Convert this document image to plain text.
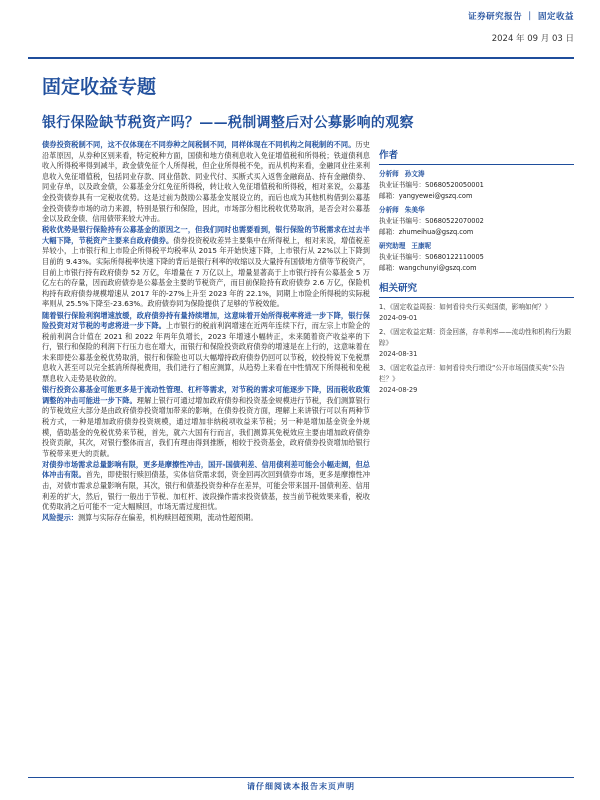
证券研究报告 ｜ 固定收益
2024 年 09 月 03 日
固定收益专题
银行保险缺节税资产吗？——税制调整后对公募影响的观察

债券投资税制不同，这不仅体现在不同券种之间税制不同，同样体现在不同机构之间税制的不同。历史沿革原因，从券种区别来看，特定税种方面，国债和地方债利息收入免征增值税和所得税；铁道债利息收入所得税率得到减半，政金债免征个人所得税，但企业所得税不免，而从机构来看，金融同业往来利息收入免征增值税，包括同业存款、同业借款、同业代付、买断式买入返售金融商品、持有金融债券、同业存单，以及政金债，公募基金分红免征所得税，转让收入免征增值税和所得税，相对来说，公募基金投资债券具有一定税收优势。这是过前为鼓励公募基金发展设立的，而后也成为其他机构借到公募基金投资债券市场的动力来源，特别是银行和保险，因此，市场部分相比税收优势取消，是否会对公募基金以及政金债、信用债带来较大冲击。

税收优势是银行保险持有公募基金的原因之一，但我们同时也需要看到，银行保险的节税需求在过去半大幅下降，节税资产主要来自政府债券。债券投资税收差异主要集中在所得税上，相对来说，增值税差异较小，上市银行和上市险企所得税平均税率从 2015 年开始快速下降，上市银行从 22%以上下降到目前的 9.43%。实际所得税率快速下降的背后是银行利率的收缩以及大量持有国债地方债等节税资产，目前上市银行持有政府债券 52 万亿，年增量在 7 万亿以上，增量显著高于上市银行持有公募基金 5 万亿左右的存量，因而政府债券是公募基金主要的节税资产，而目前保险持有政府债券 2.6 万亿，保险机构持有政府债券规模增速从 2017 年的-27%上升至 2023 年的 22.1%，同期上市险企所得税的实际税率则从 25.5%下降至-23.63%。政府债券同为保险提供了足够的节税效能。

随着银行保险利润增速放缓，政府债券持有量持续增加，这意味着开始所得税率将进一步下降，银行保险投资对对节税的考虑将进一步下降。上市银行的税前利润增速在近两年连续下行，而左宗上市险企的税前利润合计值在 2021 和 2022 年两年负增长，2023 年增速小幅转正，未来随着资产收益率的下行，银行和保险的利润下行压力也在增大，而银行和保险投资政府债券的增速是在上行的，这意味着在未来即使公募基金税优势取消，银行和保险也可以大幅增持政府债券仍回可以节税，较投特说下免税票息收入甚至可以完全抵消所得税费用，我们进行了相应测算，从趋势上来看在中性情况下所得税和免税票息收入走势是收敛的。

银行投资公募基金可能更多是于流动性管理、杠杆等需求，对节税的需求可能逐步下降，因而税收政策调整的冲击可能进一步下降。理解上银行可通过增加政府债券和投资基金规模进行节税，我们测算银行的节税效应大部分是由政府债券投资增加带来的影响，在债券投资方面，理解上来讲银行可以有两种节税方式，一种是增加政府债券投资规模，通过增加非纳税项收益来节税；另一种是增加基金资金外规模，借助基金的免税优势来节税，首先，就六大国有行而言，我们测算其免税效应主要由增加政府债券投资贡献，其次，对银行整体而言，我们有理由得到推断，相较于投资基金，政府债券投资增加给银行节税带来更大的贡献。

对债券市场需求总量影响有限，更多是摩擦性冲击，国开-国债利差、信用债利差可能会小幅走阔，但总体冲击有限。首先，即使银行赎回债基，实体信贷需求弱，资金回再次回到债券市场，更多是摩擦性冲击，对债市需求总量影响有限，其次，银行和债基投资券种存在差异，可能会带来国开-国债利差、信用利差的扩大，然后，银行一般出于节税、加杠杆、波段操作需求投资债基，按当前节税效果来看，税收优势取消之后可能不一定大幅赎回，市场无需过度担忧。

风险提示：测算与实际存在偏差，机构赎回超预期，流动性超预期。

作者
分析师 孙文涛
执业证书编号：S0680520050001
邮箱：yangyewei@gszq.com
分析师 朱美华
执业证书编号：S0680522070002
邮箱：zhumeihua@gszq.com
研究助理 王康呢
执业证书编号：S0680122110005
邮箱：wangchunyi@gszq.com
相关研究
1、《固定收益周报：如何看待央行买卖国债，影响如何？》
2024-09-01
2、《固定收益定期：资金回落，存单利率——流动性和机构行为跟踪》
2024-08-31
3、《固定收益点评：如何看待央行增设“公开市场国债买卖”公告栏？》
2024-08-29
请仔细阅读本报告末页声明
